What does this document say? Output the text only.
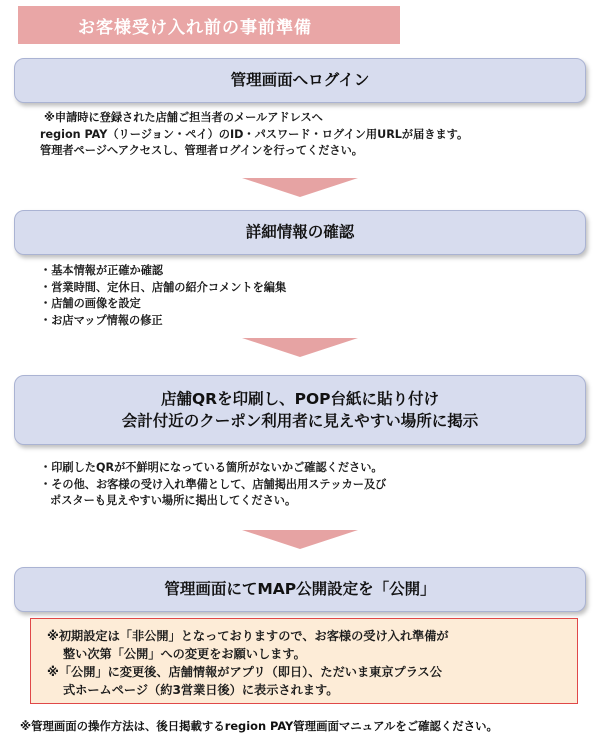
お客様受け入れ前の事前準備
管理画面へログイン
※申請時に登録された店舗ご担当者のメールアドレスへ
region PAY（リージョン・ペイ）のID・パスワード・ログイン用URLが届きます。
管理者ページへアクセスし、管理者ログインを行ってください。
詳細情報の確認
・基本情報が正確か確認
・営業時間、定休日、店舗の紹介コメントを編集
・店舗の画像を設定
・お店マップ情報の修正
店舗QRを印刷し、POP台紙に貼り付け
会計付近のクーポン利用者に見えやすい場所に掲示
・印刷したQRが不鮮明になっている箇所がないかご確認ください。
・その他、お客様の受け入れ準備として、店舗掲出用ステッカー及び
ポスターも見えやすい場所に掲出してください。
管理画面にてMAP公開設定を「公開」
※初期設定は「非公開」となっておりますので、お客様の受け入れ準備が
整い次第「公開」への変更をお願いします。
※「公開」に変更後、店舗情報がアプリ（即日）、ただいま東京プラス公
式ホームページ（約3営業日後）に表示されます。
※管理画面の操作方法は、後日掲載するregion PAY管理画面マニュアルをご確認ください。
